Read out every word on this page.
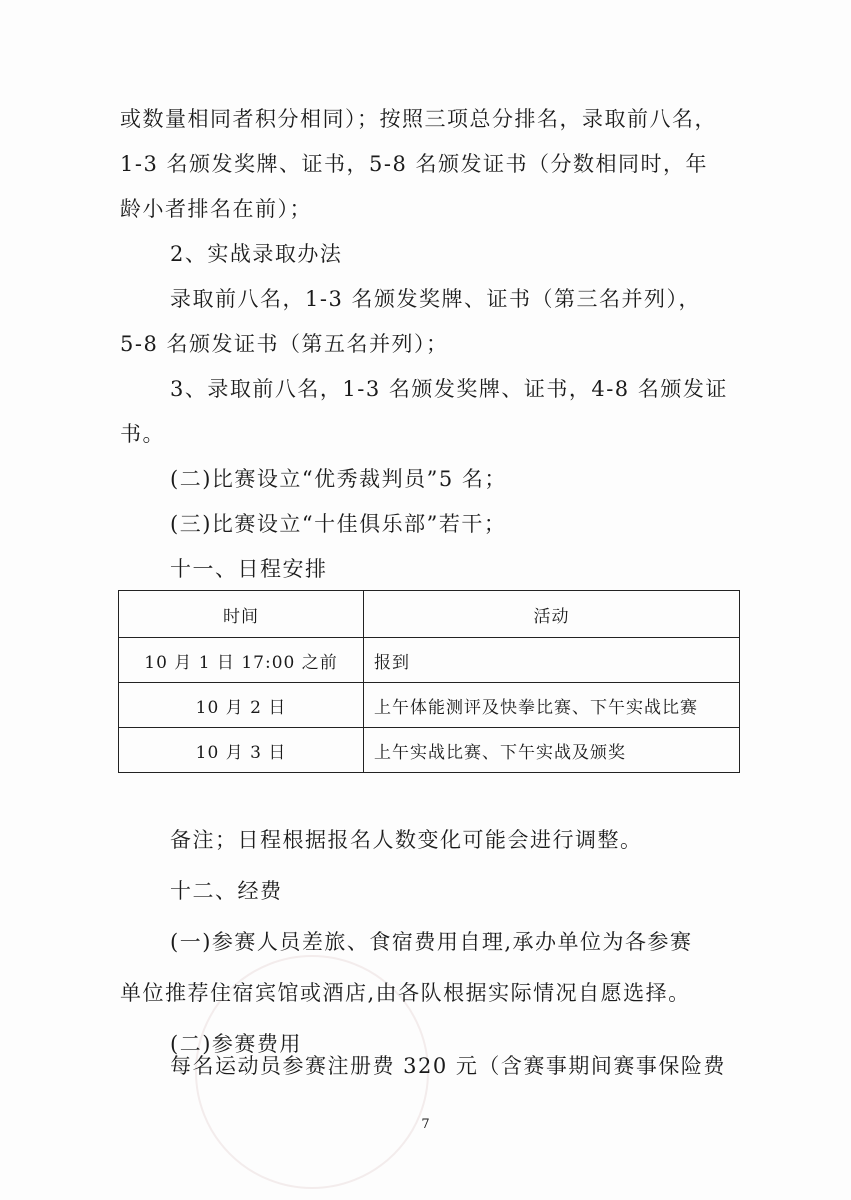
或数量相同者积分相同）；按照三项总分排名，录取前八名，
1-3 名颁发奖牌、证书，5-8 名颁发证书（分数相同时，年
龄小者排名在前）；
2、实战录取办法
录取前八名，1-3 名颁发奖牌、证书（第三名并列），
5-8 名颁发证书（第五名并列）；
3、录取前八名，1-3 名颁发奖牌、证书，4-8 名颁发证
书。
(二)比赛设立“优秀裁判员”5 名；
(三)比赛设立“十佳俱乐部”若干；
十一、日程安排
时间	活动
10 月 1 日 17:00 之前	报到
10 月 2 日	上午体能测评及快拳比赛、下午实战比赛
10 月 3 日	上午实战比赛、下午实战及颁奖
备注；日程根据报名人数变化可能会进行调整。
十二、经费
(一)参赛人员差旅、食宿费用自理,承办单位为各参赛
单位推荐住宿宾馆或酒店,由各队根据实际情况自愿选择。
(二)参赛费用
每名运动员参赛注册费 320 元（含赛事期间赛事保险费
7
